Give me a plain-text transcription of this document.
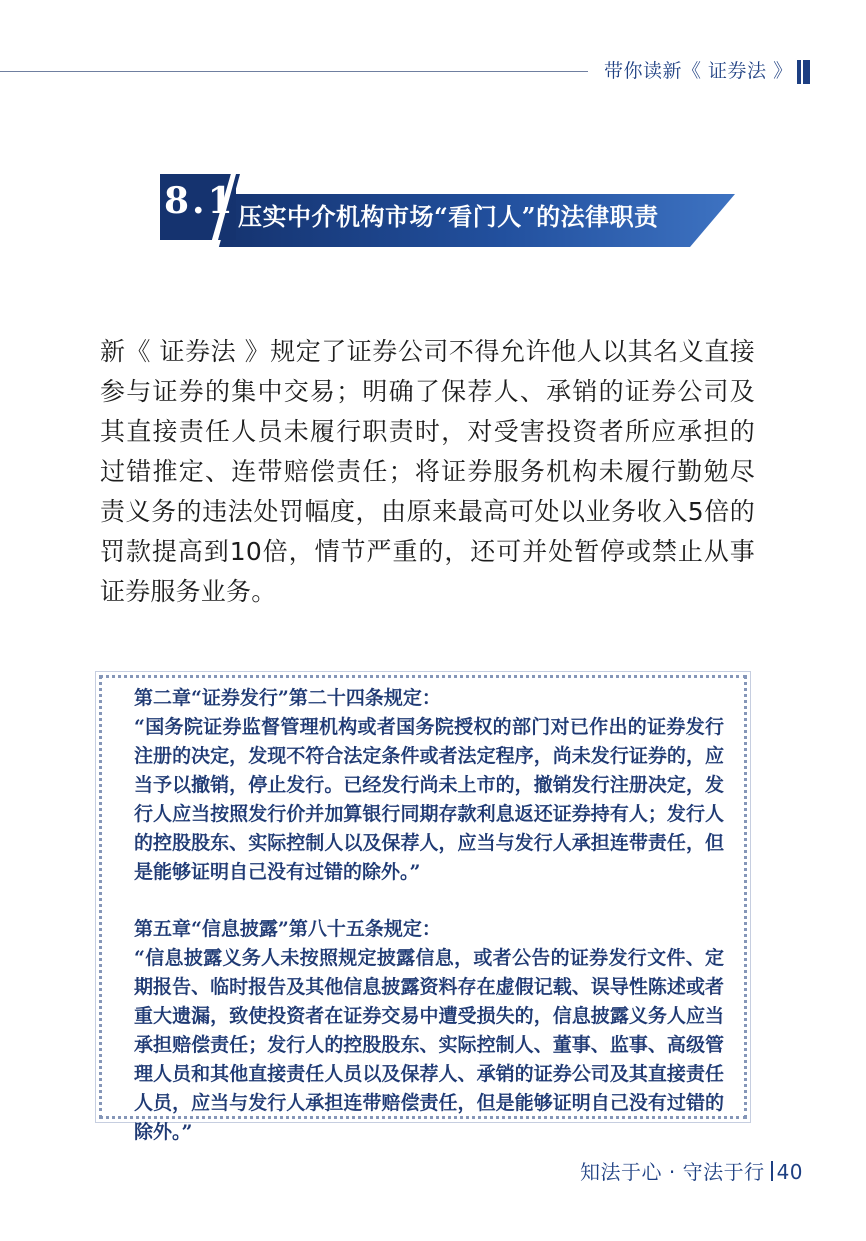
带你读新《 证券法 》
8.1 压实中介机构市场“看门人”的法律职责
新《 证券法 》规定了证券公司不得允许他人以其名义直接参与证券的集中交易；明确了保荐人、承销的证券公司及其直接责任人员未履行职责时，对受害投资者所应承担的过错推定、连带赔偿责任；将证券服务机构未履行勤勉尽责义务的违法处罚幅度，由原来最高可处以业务收入5倍的罚款提高到10倍，情节严重的，还可并处暂停或禁止从事证券服务业务。
第二章“证券发行”第二十四条规定：
“国务院证券监督管理机构或者国务院授权的部门对已作出的证券发行注册的决定，发现不符合法定条件或者法定程序，尚未发行证券的，应当予以撤销，停止发行。已经发行尚未上市的，撤销发行注册决定，发行人应当按照发行价并加算银行同期存款利息返还证券持有人；发行人的控股股东、实际控制人以及保荐人，应当与发行人承担连带责任，但是能够证明自己没有过错的除外。”
第五章“信息披露”第八十五条规定：
“信息披露义务人未按照规定披露信息，或者公告的证券发行文件、定期报告、临时报告及其他信息披露资料存在虚假记载、误导性陈述或者重大遗漏，致使投资者在证券交易中遭受损失的，信息披露义务人应当承担赔偿责任；发行人的控股股东、实际控制人、董事、监事、高级管理人员和其他直接责任人员以及保荐人、承销的证券公司及其直接责任人员，应当与发行人承担连带赔偿责任，但是能够证明自己没有过错的除外。”
知法于心 · 守法于行 40
